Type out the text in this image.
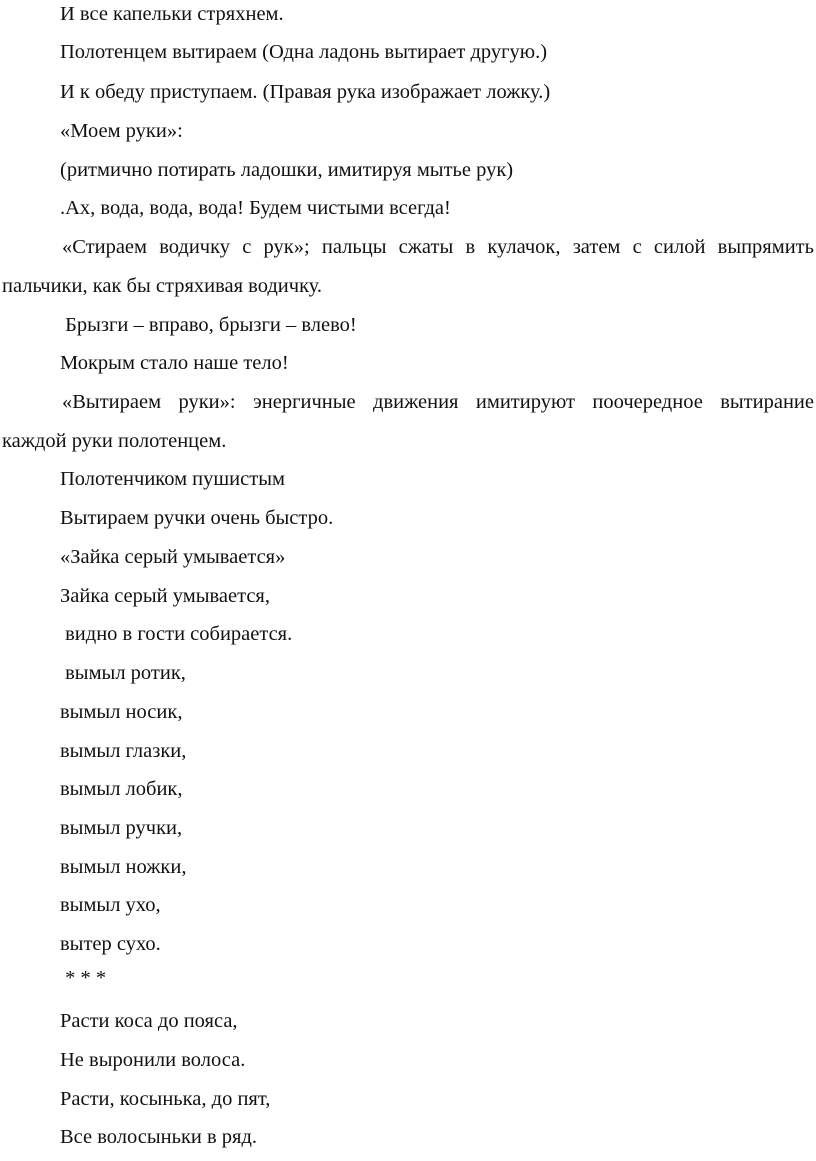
И все капельки стряхнем.
Полотенцем вытираем (Одна ладонь вытирает другую.)
И к обеду приступаем. (Правая рука изображает ложку.)
«Моем руки»:
(ритмично потирать ладошки, имитируя мытье рук)
.Ах, вода, вода, вода! Будем чистыми всегда!
«Стираем водичку с рук»; пальцы сжаты в кулачок, затем с силой выпрямить
пальчики, как бы стряхивая водичку.
Брызги – вправо, брызги – влево!
Мокрым стало наше тело!
«Вытираем руки»: энергичные движения имитируют поочередное вытирание
каждой руки полотенцем.
Полотенчиком пушистым
Вытираем ручки очень быстро.
«Зайка серый умывается»
Зайка серый умывается,
видно в гости собирается.
вымыл ротик,
вымыл носик,
вымыл глазки,
вымыл лобик,
вымыл ручки,
вымыл ножки,
вымыл ухо,
вытер сухо.
* * *
Расти коса до пояса,
Не выронили волоса.
Расти, косынька, до пят,
Все волосыньки в ряд.
